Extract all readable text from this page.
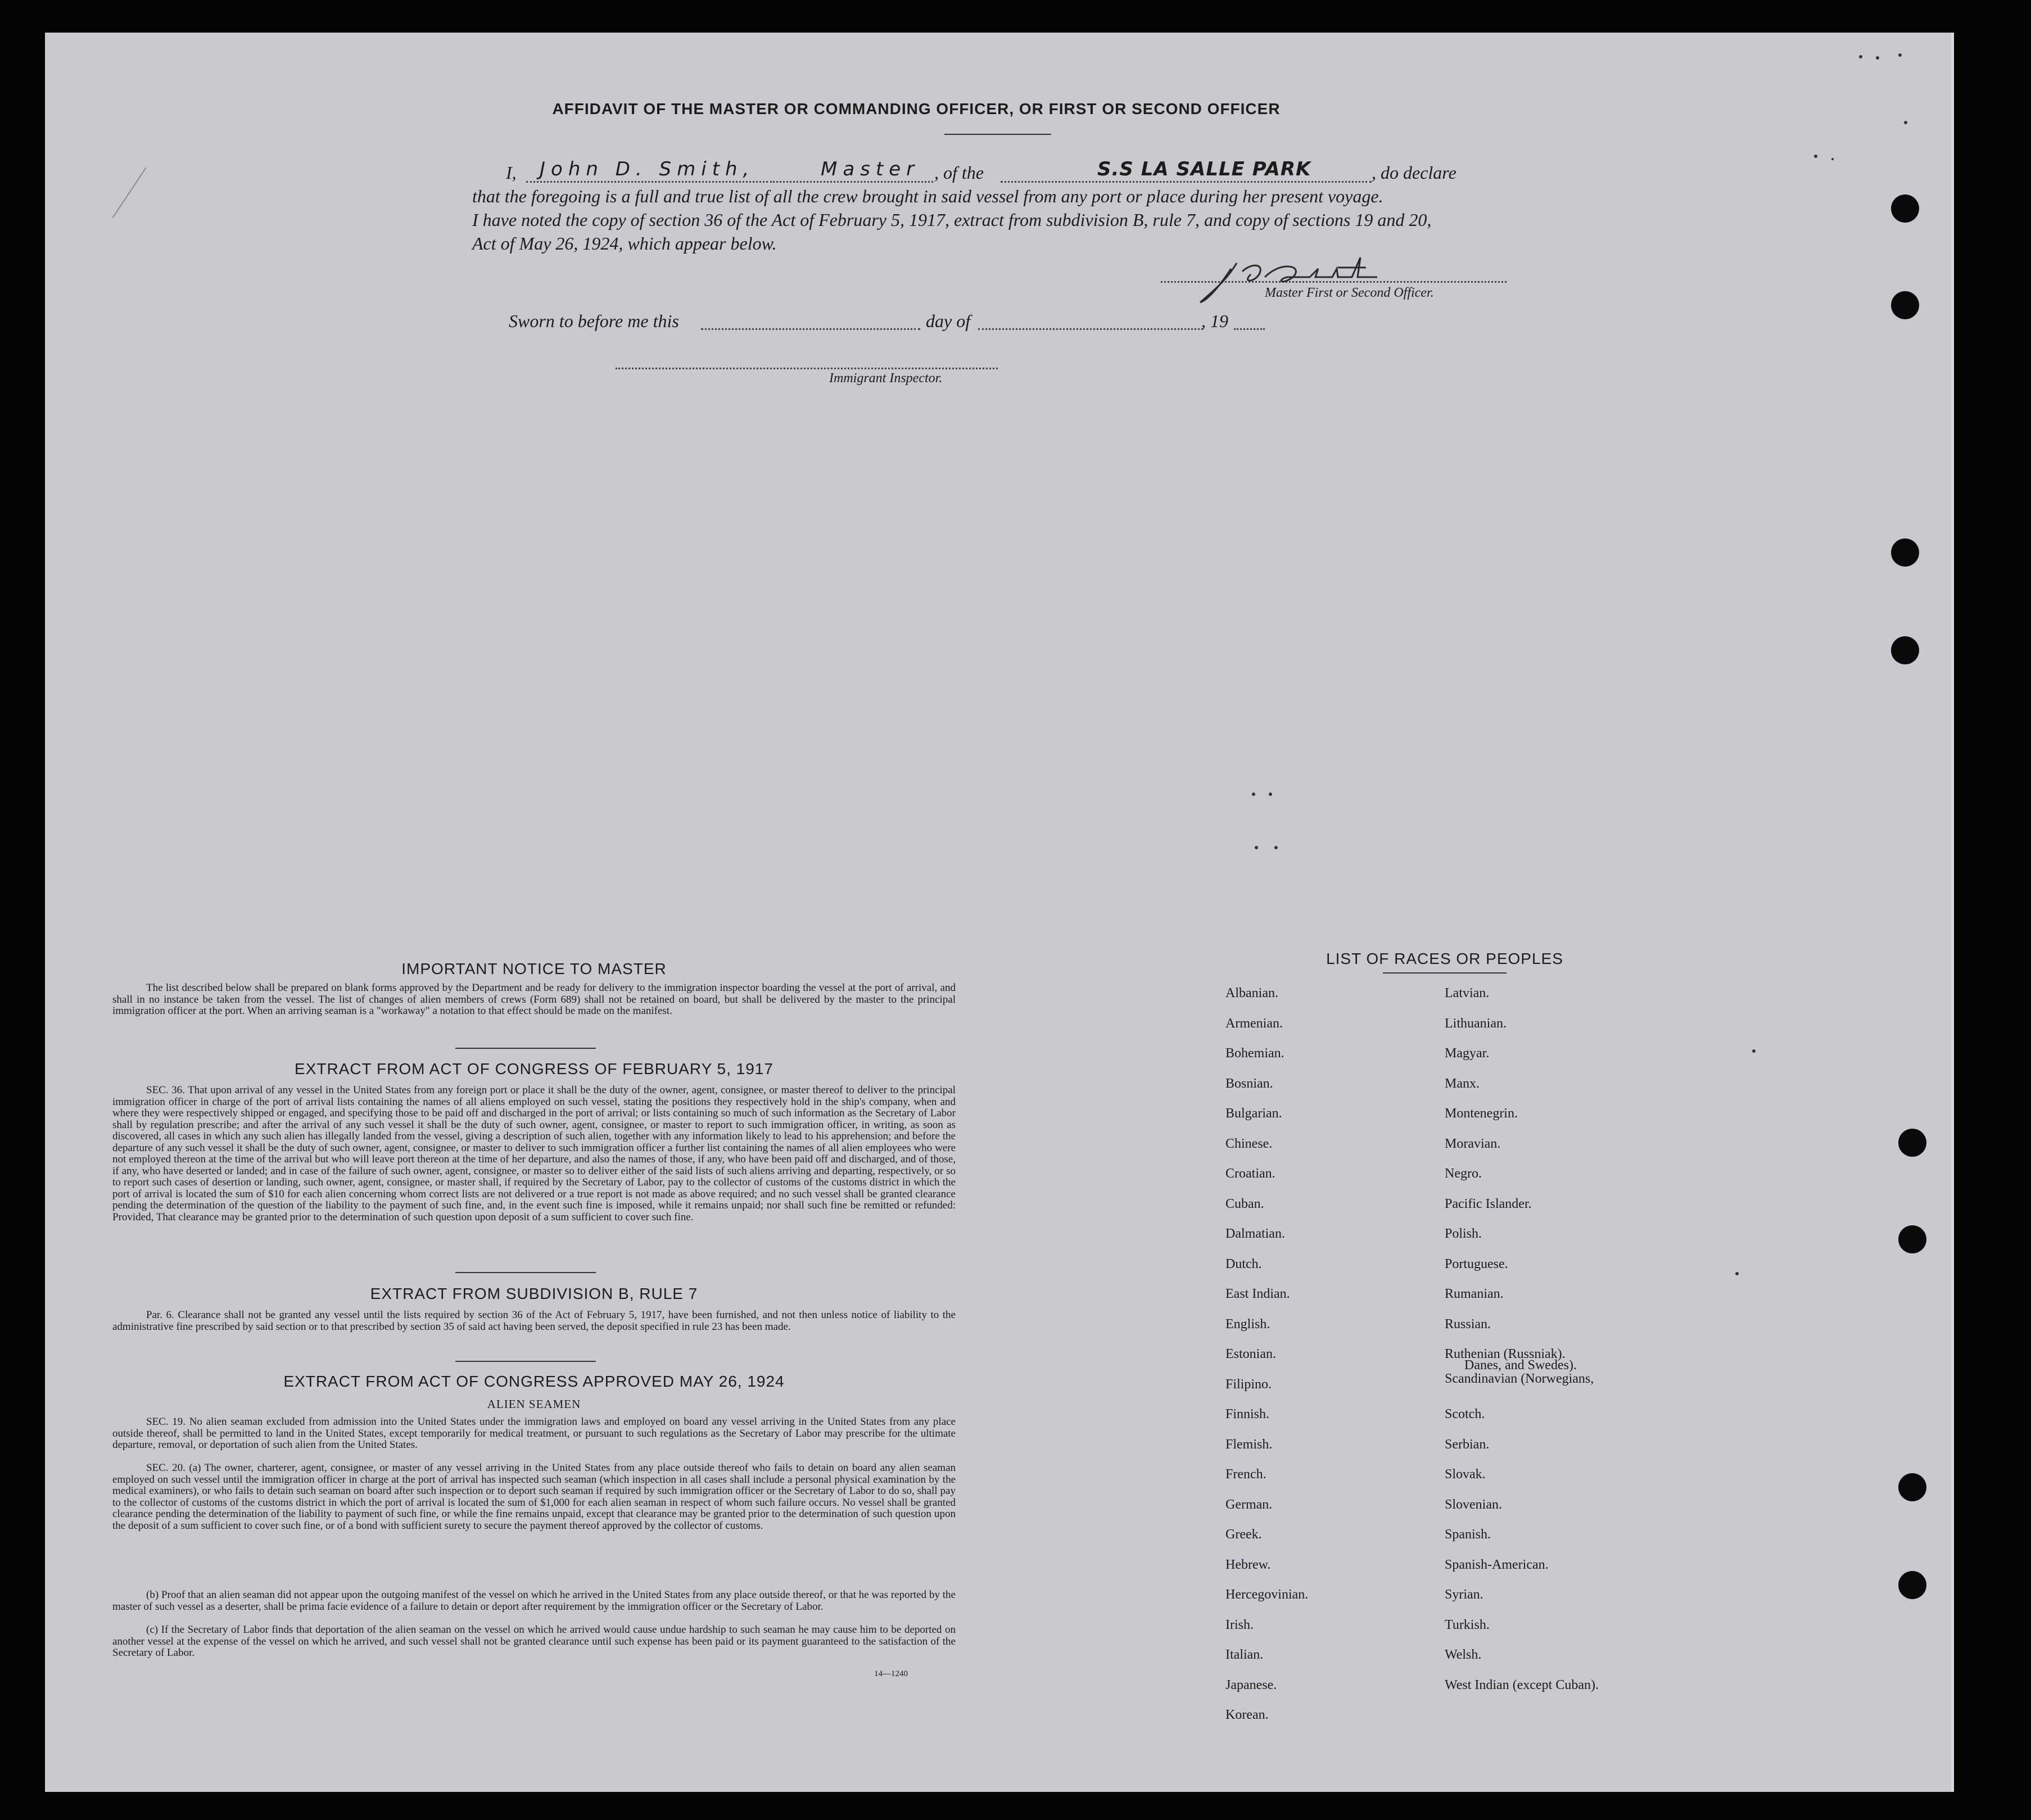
AFFIDAVIT OF THE MASTER OR COMMANDING OFFICER, OR FIRST OR SECOND OFFICER
I, John D. Smith,	Master , of the	S.S LA SALLE PARK	, do declare
that the foregoing is a full and true list of all the crew brought in said vessel from any port or place during her present voyage.
I have noted the copy of section 36 of the Act of February 5, 1917, extract from subdivision B, rule 7, and copy of sections 19 and 20,
Act of May 26, 1924, which appear below.
Master First or Second Officer.
Sworn to before me this	day of	, 19
Immigrant Inspector.
IMPORTANT NOTICE TO MASTER
The list described below shall be prepared on blank forms approved by the Department and be ready for delivery to the immigration inspector boarding the vessel at the port of arrival, and shall in no instance be taken from the vessel. The list of changes of alien members of crews (Form 689) shall not be retained on board, but shall be delivered by the master to the principal immigration officer at the port. When an arriving seaman is a "workaway" a notation to that effect should be made on the manifest.
EXTRACT FROM ACT OF CONGRESS OF FEBRUARY 5, 1917
SEC. 36. That upon arrival of any vessel in the United States from any foreign port or place it shall be the duty of the owner, agent, consignee, or master thereof to deliver to the principal immigration officer in charge of the port of arrival lists containing the names of all aliens employed on such vessel, stating the positions they respectively hold in the ship's company, when and where they were respectively shipped or engaged, and specifying those to be paid off and discharged in the port of arrival; or lists containing so much of such information as the Secretary of Labor shall by regulation prescribe; and after the arrival of any such vessel it shall be the duty of such owner, agent, consignee, or master to report to such immigration officer, in writing, as soon as discovered, all cases in which any such alien has illegally landed from the vessel, giving a description of such alien, together with any information likely to lead to his apprehension; and before the departure of any such vessel it shall be the duty of such owner, agent, consignee, or master to deliver to such immigration officer a further list containing the names of all alien employees who were not employed thereon at the time of the arrival but who will leave port thereon at the time of her departure, and also the names of those, if any, who have been paid off and discharged, and of those, if any, who have deserted or landed; and in case of the failure of such owner, agent, consignee, or master so to deliver either of the said lists of such aliens arriving and departing, respectively, or so to report such cases of desertion or landing, such owner, agent, consignee, or master shall, if required by the Secretary of Labor, pay to the collector of customs of the customs district in which the port of arrival is located the sum of $10 for each alien concerning whom correct lists are not delivered or a true report is not made as above required; and no such vessel shall be granted clearance pending the determination of the question of the liability to the payment of such fine, and, in the event such fine is imposed, while it remains unpaid; nor shall such fine be remitted or refunded: Provided, That clearance may be granted prior to the determination of such question upon deposit of a sum sufficient to cover such fine.
EXTRACT FROM SUBDIVISION B, RULE 7
Par. 6. Clearance shall not be granted any vessel until the lists required by section 36 of the Act of February 5, 1917, have been furnished, and not then unless notice of liability to the administrative fine prescribed by said section or to that prescribed by section 35 of said act having been served, the deposit specified in rule 23 has been made.
EXTRACT FROM ACT OF CONGRESS APPROVED MAY 26, 1924
ALIEN SEAMEN
SEC. 19. No alien seaman excluded from admission into the United States under the immigration laws and employed on board any vessel arriving in the United States from any place outside thereof, shall be permitted to land in the United States, except temporarily for medical treatment, or pursuant to such regulations as the Secretary of Labor may prescribe for the ultimate departure, removal, or deportation of such alien from the United States.
SEC. 20. (a) The owner, charterer, agent, consignee, or master of any vessel arriving in the United States from any place outside thereof who fails to detain on board any alien seaman employed on such vessel until the immigration officer in charge at the port of arrival has inspected such seaman (which inspection in all cases shall include a personal physical examination by the medical examiners), or who fails to detain such seaman on board after such inspection or to deport such seaman if required by such immigration officer or the Secretary of Labor to do so, shall pay to the collector of customs of the customs district in which the port of arrival is located the sum of $1,000 for each alien seaman in respect of whom such failure occurs. No vessel shall be granted clearance pending the determination of the liability to payment of such fine, or while the fine remains unpaid, except that clearance may be granted prior to the determination of such question upon the deposit of a sum sufficient to cover such fine, or of a bond with sufficient surety to secure the payment thereof approved by the collector of customs.
(b) Proof that an alien seaman did not appear upon the outgoing manifest of the vessel on which he arrived in the United States from any place outside thereof, or that he was reported by the master of such vessel as a deserter, shall be prima facie evidence of a failure to detain or deport after requirement by the immigration officer or the Secretary of Labor.
(c) If the Secretary of Labor finds that deportation of the alien seaman on the vessel on which he arrived would cause undue hardship to such seaman he may cause him to be deported on another vessel at the expense of the vessel on which he arrived, and such vessel shall not be granted clearance until such expense has been paid or its payment guaranteed to the satisfaction of the Secretary of Labor.
14—1240
LIST OF RACES OR PEOPLES
Albanian.
Armenian.
Bohemian.
Bosnian.
Bulgarian.
Chinese.
Croatian.
Cuban.
Dalmatian.
Dutch.
East Indian.
English.
Estonian.
Filipino.
Finnish.
Flemish.
French.
German.
Greek.
Hebrew.
Hercegovinian.
Irish.
Italian.
Japanese.
Korean.
Latvian.
Lithuanian.
Magyar.
Manx.
Montenegrin.
Moravian.
Negro.
Pacific Islander.
Polish.
Portuguese.
Rumanian.
Russian.
Ruthenian (Russniak).
Scandinavian (Norwegians,
Danes, and Swedes).
Scotch.
Serbian.
Slovak.
Slovenian.
Spanish.
Spanish-American.
Syrian.
Turkish.
Welsh.
West Indian (except Cuban).
